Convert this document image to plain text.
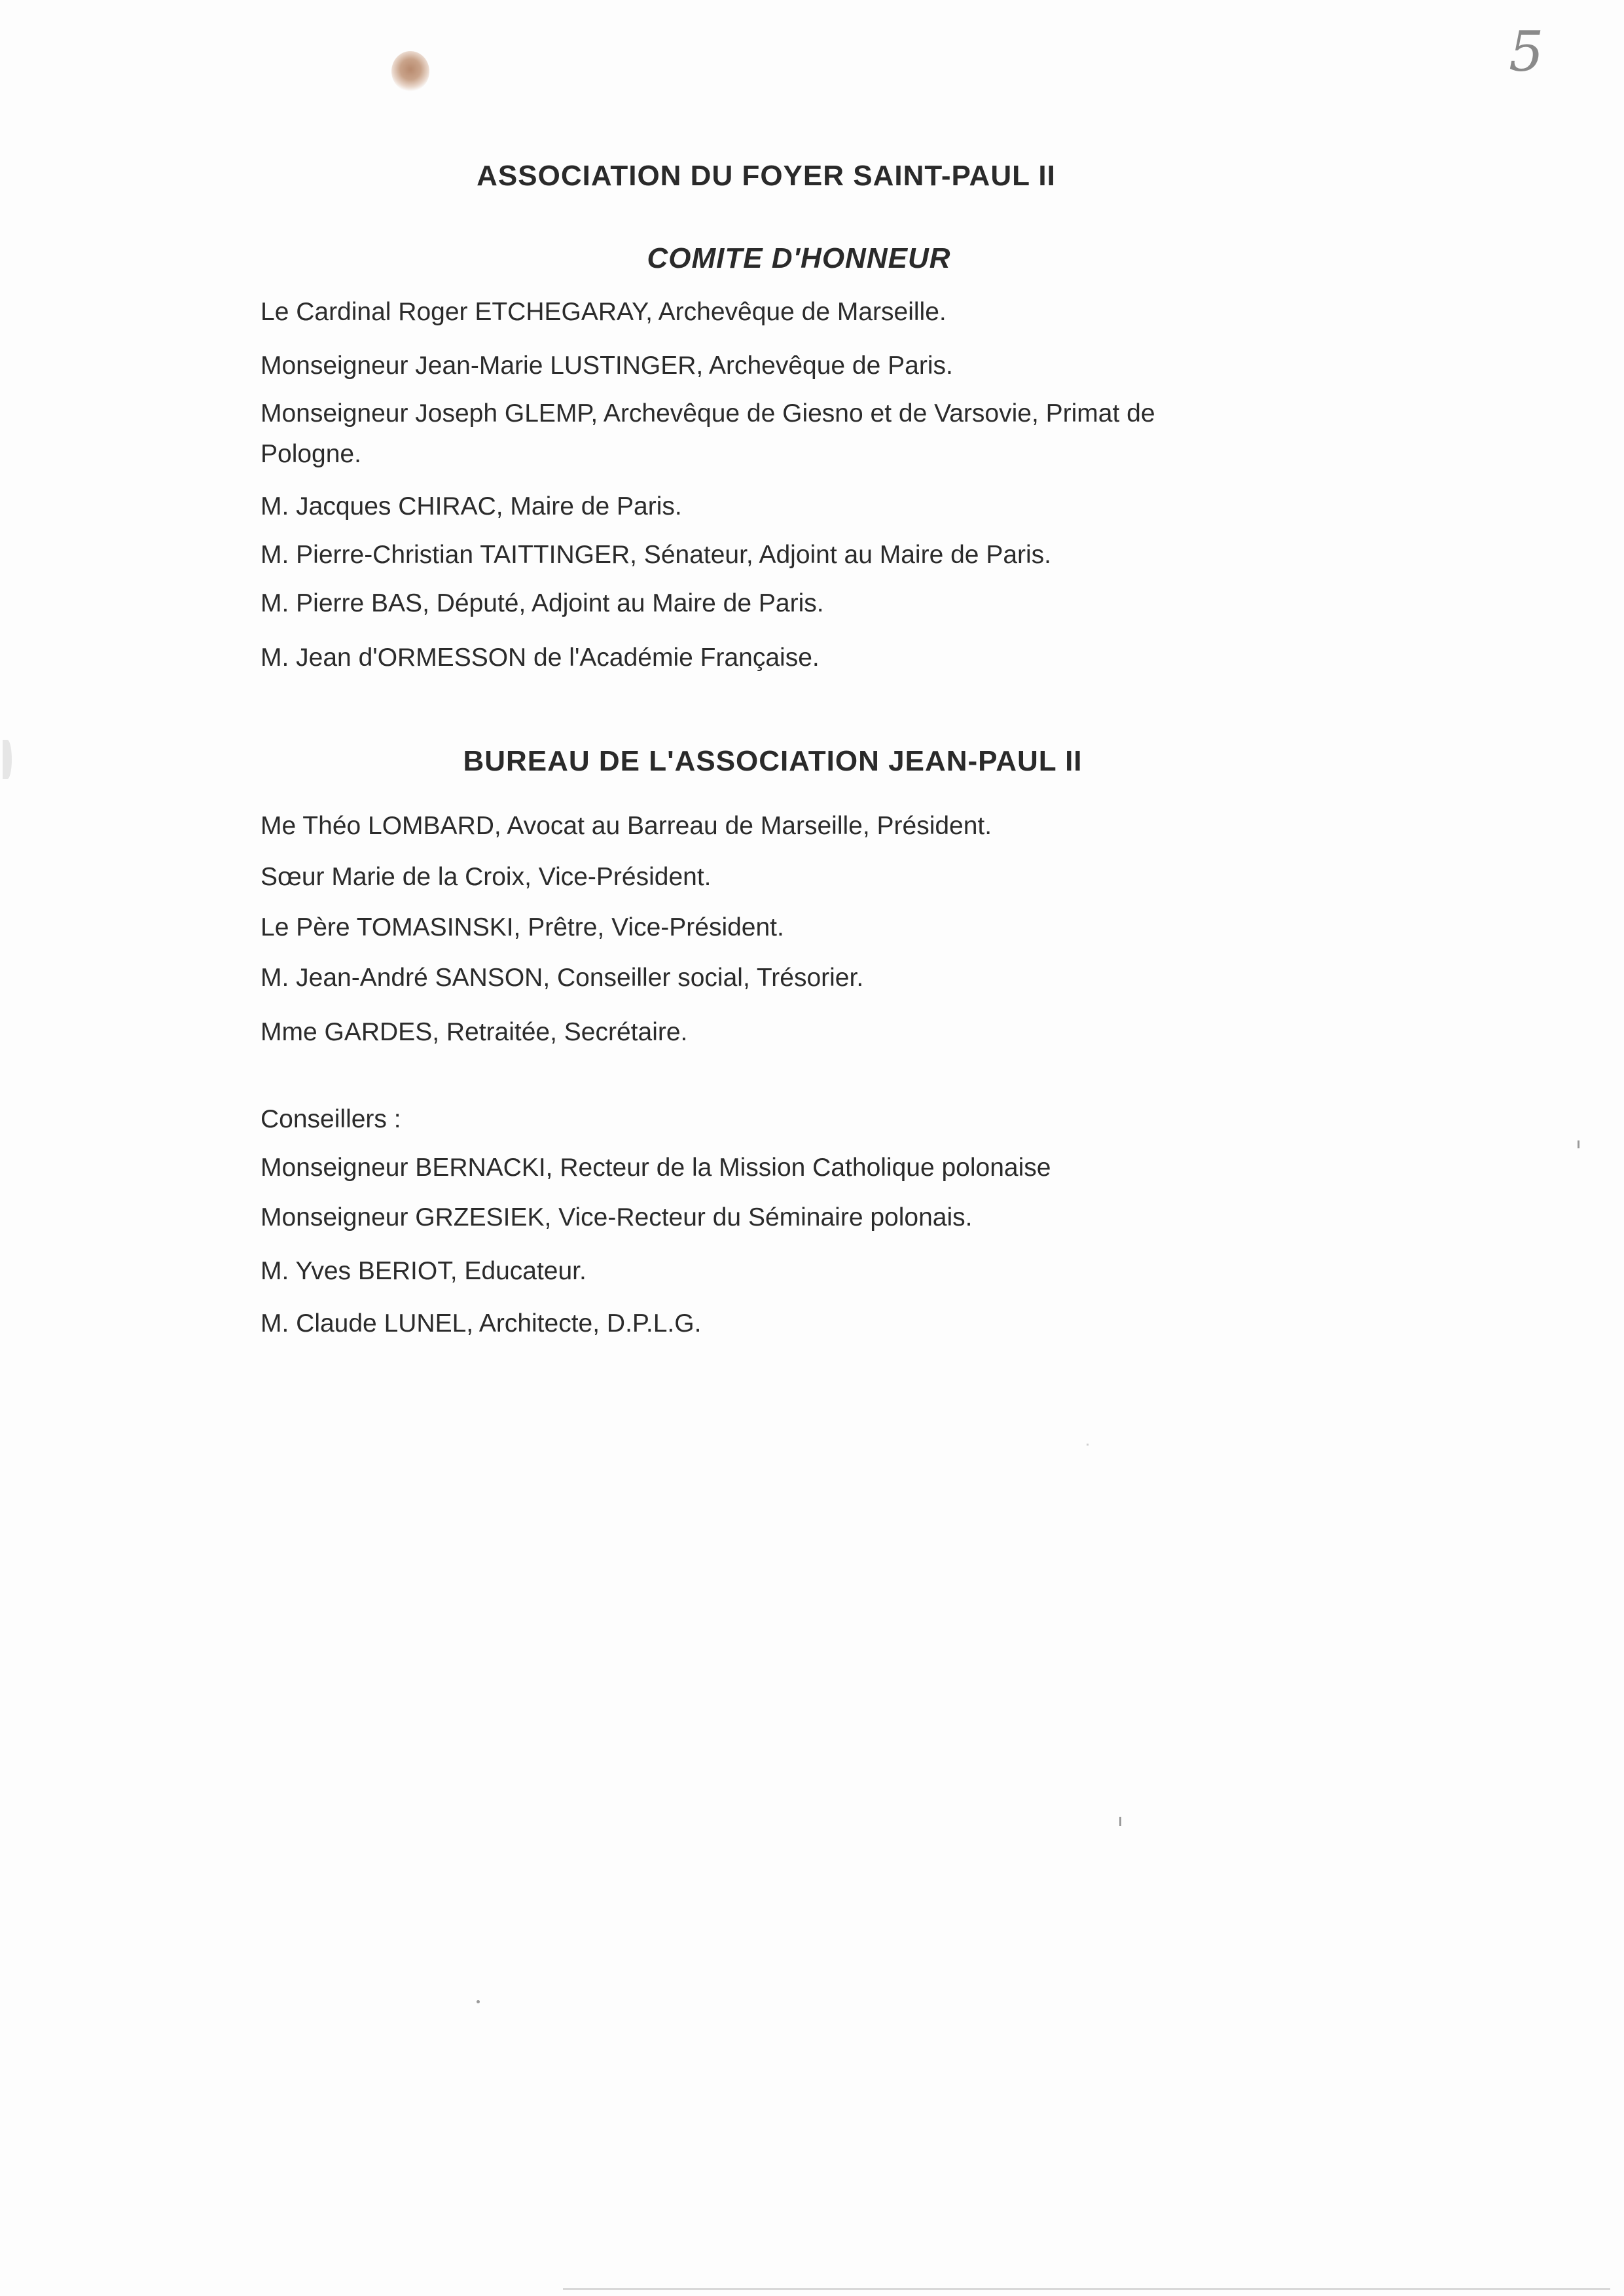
5
ASSOCIATION DU FOYER SAINT-PAUL II
COMITE D'HONNEUR
Le Cardinal Roger ETCHEGARAY, Archevêque de Marseille.
Monseigneur Jean-Marie LUSTINGER, Archevêque de Paris.
Monseigneur Joseph GLEMP, Archevêque de Giesno et de Varsovie, Primat de
Pologne.
M. Jacques CHIRAC, Maire de Paris.
M. Pierre-Christian TAITTINGER, Sénateur, Adjoint au Maire de Paris.
M. Pierre BAS, Député, Adjoint au Maire de Paris.
M. Jean d'ORMESSON de l'Académie Française.
BUREAU DE L'ASSOCIATION JEAN-PAUL II
Me Théo LOMBARD, Avocat au Barreau de Marseille, Président.
Sœur Marie de la Croix, Vice-Président.
Le Père TOMASINSKI, Prêtre, Vice-Président.
M. Jean-André SANSON, Conseiller social, Trésorier.
Mme GARDES, Retraitée, Secrétaire.
Conseillers :
Monseigneur BERNACKI, Recteur de la Mission Catholique polonaise
Monseigneur GRZESIEK, Vice-Recteur du Séminaire polonais.
M. Yves BERIOT, Educateur.
M. Claude LUNEL, Architecte, D.P.L.G.
